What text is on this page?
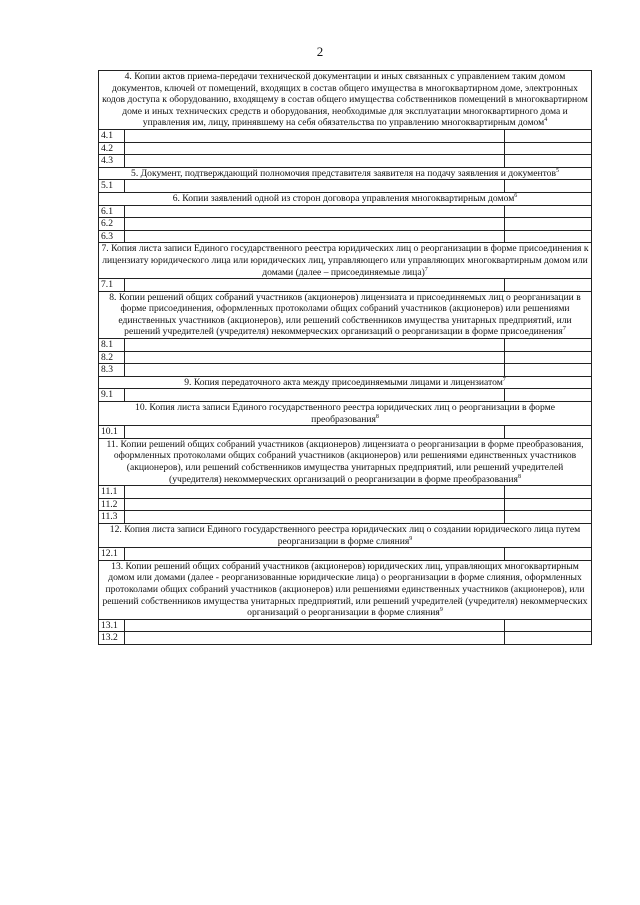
2
4. Копии актов приема-передачи технической документации и иных связанных с управлением таким домом документов, ключей от помещений, входящих в состав общего имущества в многоквартирном доме, электронных кодов доступа к оборудованию, входящему в состав общего имущества собственников помещений в многоквартирном доме и иных технических средств и оборудования, необходимые для эксплуатации многоквартирного дома и управления им, лицу, принявшему на себя обязательства по управлению многоквартирным домом$^4$
4.1		
4.2		
4.3		
5. Документ, подтверждающий полномочия представителя заявителя на подачу заявления и документов$^5$
5.1		
6. Копии заявлений одной из сторон договора управления многоквартирным домом$^6$
6.1		
6.2		
6.3		
7. Копия листа записи Единого государственного реестра юридических лиц о реорганизации в форме присоединения к лицензиату юридического лица или юридических лиц, управляющего или управляющих многоквартирным домом или домами (далее – присоединяемые лица)$^7$
7.1		
8. Копии решений общих собраний участников (акционеров) лицензиата и присоединяемых лиц о реорганизации в форме присоединения, оформленных протоколами общих собраний участников (акционеров) или решениями единственных участников (акционеров), или решений собственников имущества унитарных предприятий, или решений учредителей (учредителя) некоммерческих организаций о реорганизации в форме присоединения$^7$
8.1		
8.2		
8.3		
9. Копия передаточного акта между присоединяемыми лицами и лицензиатом$^7$
9.1		
10. Копия листа записи Единого государственного реестра юридических лиц о реорганизации в форме преобразования$^8$
10.1		
11. Копии решений общих собраний участников (акционеров) лицензиата о реорганизации в форме преобразования, оформленных протоколами общих собраний участников (акционеров) или решениями единственных участников (акционеров), или решений собственников имущества унитарных предприятий, или решений учредителей (учредителя) некоммерческих организаций о реорганизации в форме преобразования$^8$
11.1		
11.2		
11.3		
12. Копия листа записи Единого государственного реестра юридических лиц о создании юридического лица путем реорганизации в форме слияния$^9$
12.1		
13. Копии решений общих собраний участников (акционеров) юридических лиц, управляющих многоквартирным домом или домами (далее - реорганизованные юридические лица) о реорганизации в форме слияния, оформленных протоколами общих собраний участников (акционеров) или решениями единственных участников (акционеров), или решений собственников имущества унитарных предприятий, или решений учредителей (учредителя) некоммерческих организаций о реорганизации в форме слияния$^9$
13.1		
13.2		
